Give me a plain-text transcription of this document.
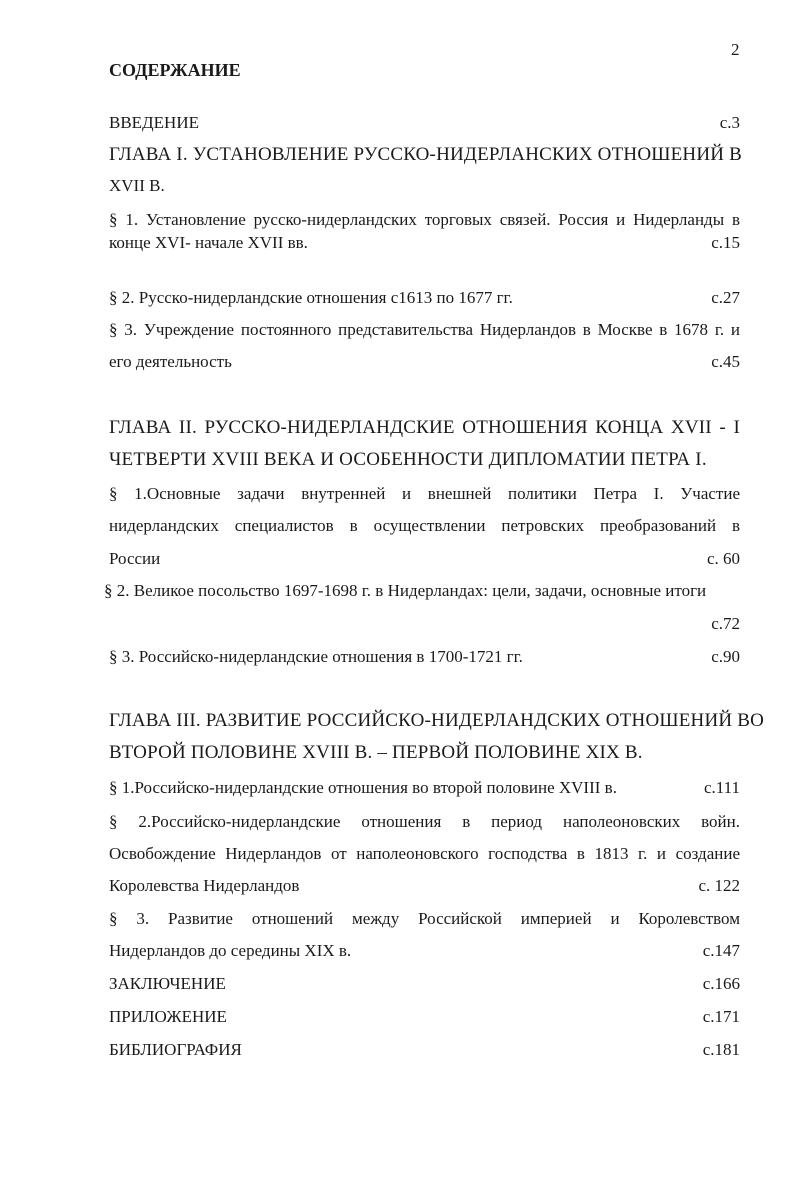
2
СОДЕРЖАНИЕ
ВВЕДЕНИЕ	с.3
ГЛАВА I. УСТАНОВЛЕНИЕ РУССКО-НИДЕРЛАНСКИХ ОТНОШЕНИЙ В
XVII В.
§ 1. Установление русско-нидерландских торговых связей. Россия и Нидерланды в
конце XVI- начале XVII вв.	с.15
§ 2. Русско-нидерландские отношения с1613 по 1677 гг.	с.27
§ 3. Учреждение постоянного представительства Нидерландов в Москве в 1678 г. и
его деятельность	с.45
ГЛАВА II. РУССКО-НИДЕРЛАНДСКИЕ ОТНОШЕНИЯ КОНЦА XVII - I
ЧЕТВЕРТИ XVIII ВЕКА И ОСОБЕННОСТИ ДИПЛОМАТИИ ПЕТРА I.
§ 1.Основные задачи внутренней и внешней политики Петра I. Участие
нидерландских специалистов в осуществлении петровских преобразований в
России	с. 60
§ 2. Великое посольство 1697-1698 г. в Нидерландах: цели, задачи, основные итоги
с.72
§ 3. Российско-нидерландские отношения в 1700-1721 гг.	с.90
ГЛАВА III. РАЗВИТИЕ РОССИЙСКО-НИДЕРЛАНДСКИХ ОТНОШЕНИЙ ВО
ВТОРОЙ ПОЛОВИНЕ XVIII В. – ПЕРВОЙ ПОЛОВИНЕ XIX В.
§ 1.Российско-нидерландские отношения во второй половине XVIII в.	с.111
§ 2.Российско-нидерландские отношения в период наполеоновских войн.
Освобождение Нидерландов от наполеоновского господства в 1813 г. и создание
Королевства Нидерландов	с. 122
§ 3. Развитие отношений между Российской империей и Королевством
Нидерландов до середины XIX в.	с.147
ЗАКЛЮЧЕНИЕ	с.166
ПРИЛОЖЕНИЕ	с.171
БИБЛИОГРАФИЯ	с.181
